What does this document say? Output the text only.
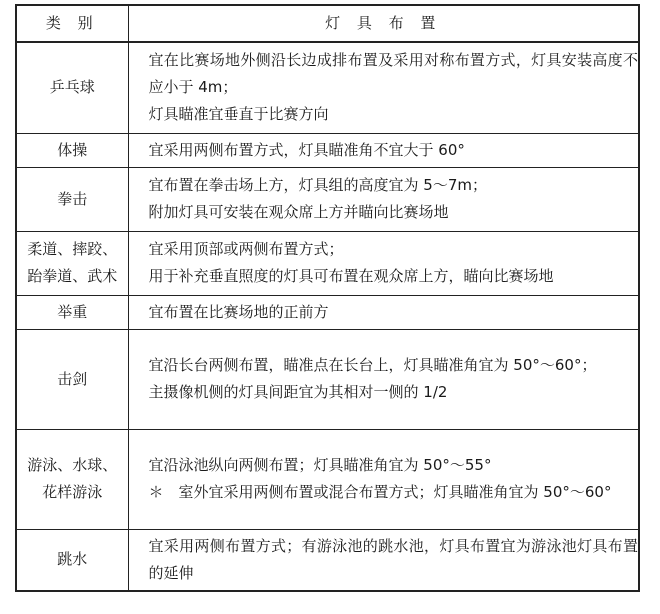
类 别	灯 具 布 置

乒乓球	宜在比赛场地外侧沿长边成排布置及采用对称布置方式，灯具安装高度不应小于 4m；
灯具瞄准宜垂直于比赛方向

体操	宜采用两侧布置方式，灯具瞄准角不宜大于 60°

拳击	宜布置在拳击场上方，灯具组的高度宜为 5～7m；
附加灯具可安装在观众席上方并瞄向比赛场地

柔道、摔跤、
跆拳道、武术	宜采用顶部或两侧布置方式；
用于补充垂直照度的灯具可布置在观众席上方，瞄向比赛场地

举重	宜布置在比赛场地的正前方

击剑	宜沿长台两侧布置，瞄准点在长台上，灯具瞄准角宜为 50°～60°；
主摄像机侧的灯具间距宜为其相对一侧的 1/2

游泳、水球、
花样游泳	宜沿泳池纵向两侧布置；灯具瞄准角宜为 50°～55°
＊　室外宜采用两侧布置或混合布置方式；灯具瞄准角宜为 50°～60°

跳水	宜采用两侧布置方式；有游泳池的跳水池，灯具布置宜为游泳池灯具布置的延伸
